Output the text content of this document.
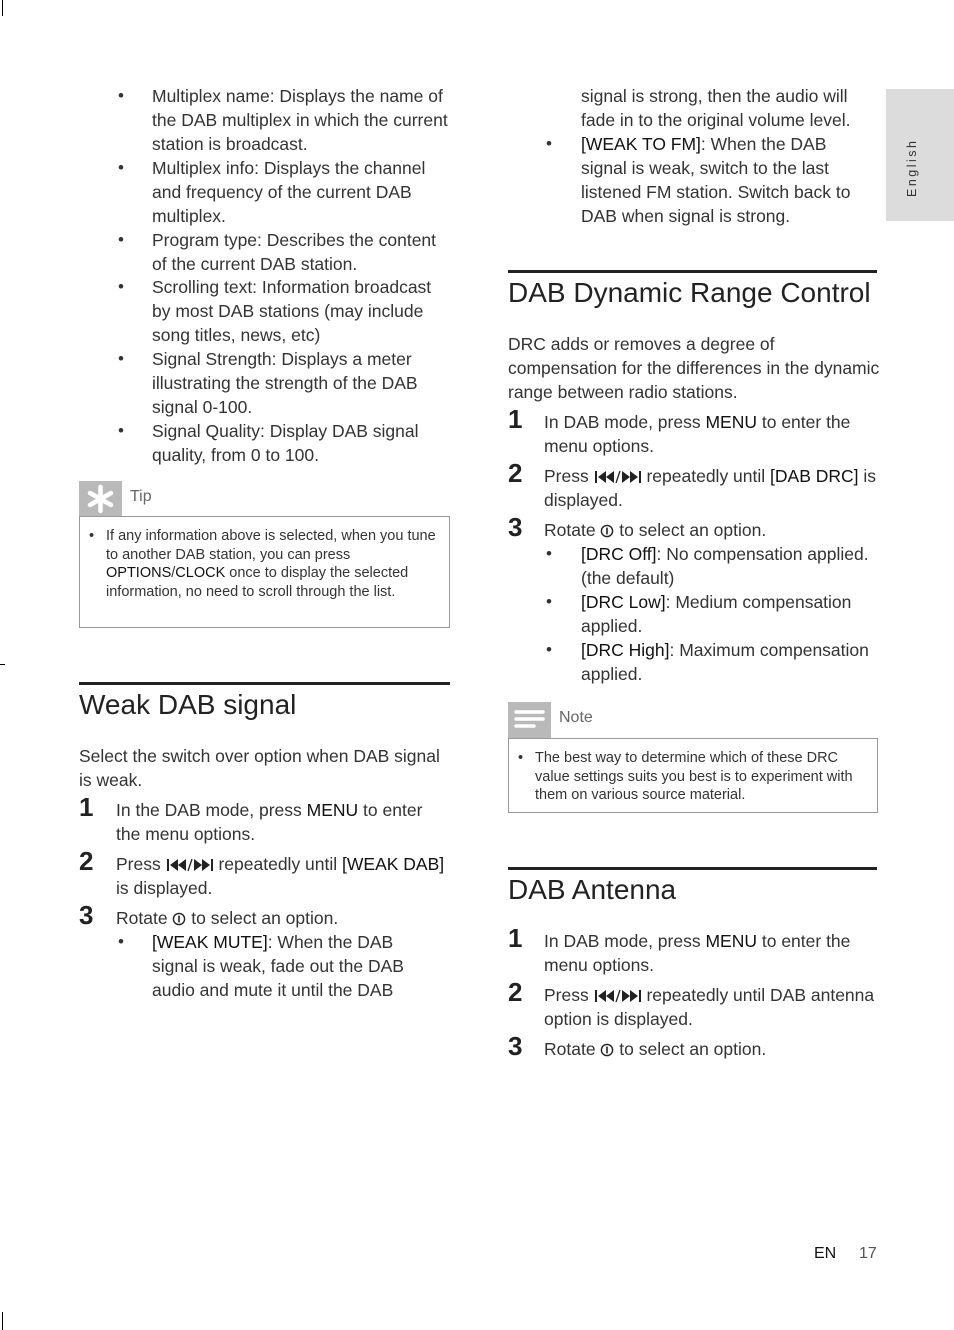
English
• Multiplex name: Displays the name of the DAB multiplex in which the current station is broadcast.
• Multiplex info: Displays the channel and frequency of the current DAB multiplex.
• Program type: Describes the content of the current DAB station.
• Scrolling text: Information broadcast by most DAB stations (may include song titles, news, etc)
• Signal Strength: Displays a meter illustrating the strength of the DAB signal 0-100.
• Signal Quality: Display DAB signal quality, from 0 to 100.
Tip
• If any information above is selected, when you tune to another DAB station, you can press OPTIONS/CLOCK once to display the selected information, no need to scroll through the list.
Weak DAB signal
Select the switch over option when DAB signal is weak.
1 In the DAB mode, press MENU to enter the menu options.
2 Press	repeatedly until [WEAK DAB] is displayed.
3 Rotate  to select an option.
• [WEAK MUTE]: When the DAB signal is weak, fade out the DAB audio and mute it until the DAB
signal is strong, then the audio will fade in to the original volume level.
• [WEAK TO FM]: When the DAB signal is weak, switch to the last listened FM station. Switch back to DAB when signal is strong.
DAB Dynamic Range Control
DRC adds or removes a degree of compensation for the differences in the dynamic range between radio stations.
1 In DAB mode, press MENU to enter the menu options.
2 Press	repeatedly until [DAB DRC] is displayed.
3 Rotate  to select an option.
• [DRC Off]: No compensation applied. (the default)
• [DRC Low]: Medium compensation applied.
• [DRC High]: Maximum compensation applied.
Note
• The best way to determine which of these DRC value settings suits you best is to experiment with them on various source material.
DAB Antenna
1 In DAB mode, press MENU to enter the menu options.
2 Press	repeatedly until DAB antenna option is displayed.
3 Rotate  to select an option.
EN 17
